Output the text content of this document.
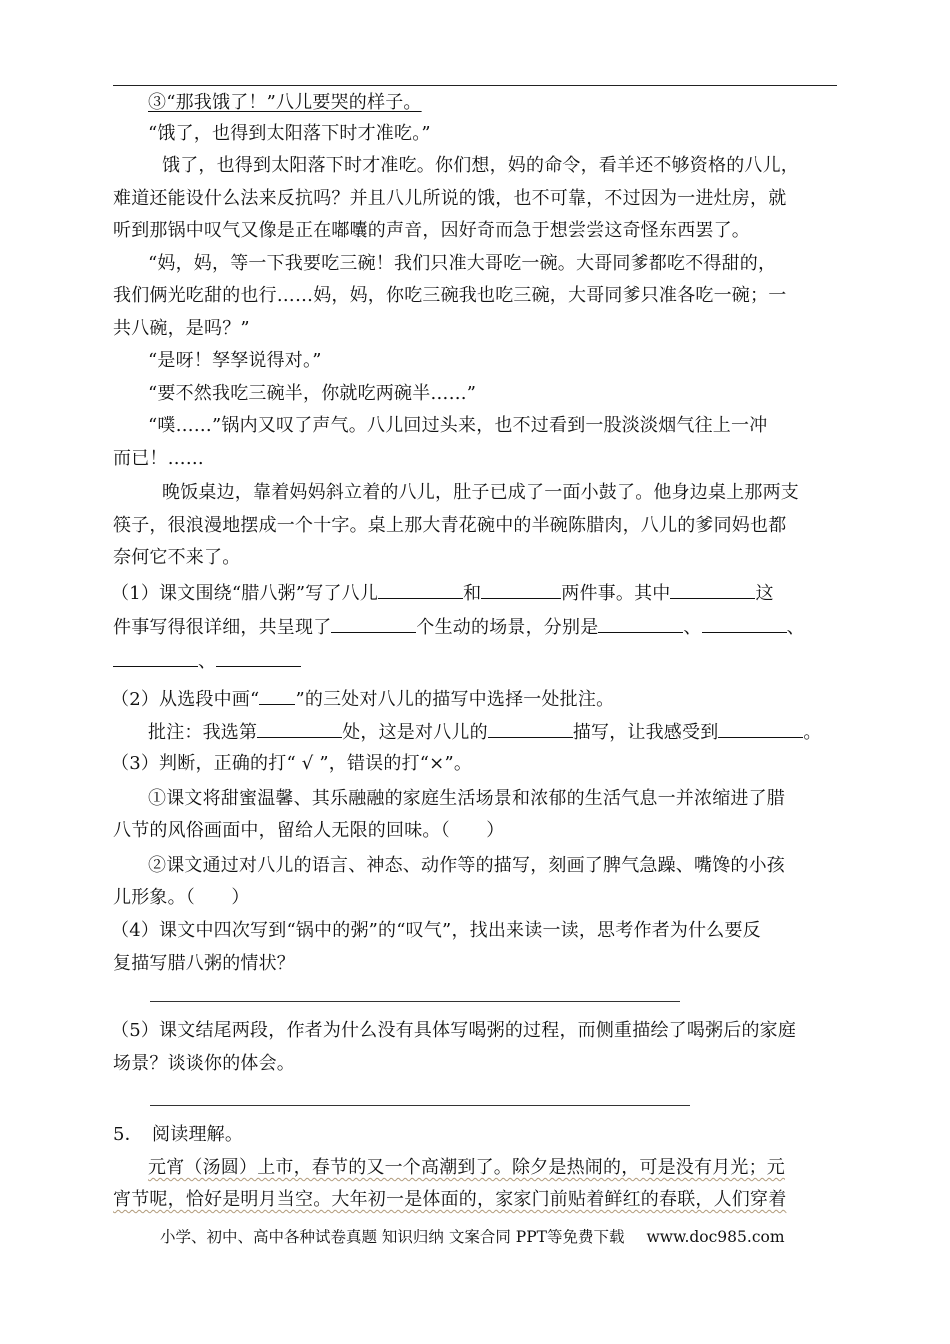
③“那我饿了！”八儿要哭的样子。
“饿了，也得到太阳落下时才准吃。”
饿了，也得到太阳落下时才准吃。你们想，妈的命令，看羊还不够资格的八儿，
难道还能设什么法来反抗吗？并且八儿所说的饿，也不可靠，不过因为一进灶房，就
听到那锅中叹气又像是正在嘟囔的声音，因好奇而急于想尝尝这奇怪东西罢了。
“妈，妈，等一下我要吃三碗！我们只准大哥吃一碗。大哥同爹都吃不得甜的，
我们俩光吃甜的也行……妈，妈，你吃三碗我也吃三碗，大哥同爹只准各吃一碗；一
共八碗，是吗？”
“是呀！孥孥说得对。”
“要不然我吃三碗半，你就吃两碗半……”
“噗……”锅内又叹了声气。八儿回过头来，也不过看到一股淡淡烟气往上一冲
而已！……
晚饭桌边，靠着妈妈斜立着的八儿，肚子已成了一面小鼓了。他身边桌上那两支
筷子，很浪漫地摆成一个十字。桌上那大青花碗中的半碗陈腊肉，八儿的爹同妈也都
奈何它不来了。
（1）课文围绕“腊八粥”写了八儿	和	两件事。其中	这
件事写得很详细，共呈现了	个生动的场景，分别是	、	、
、
（2）从选段中画“ ”的三处对八儿的描写中选择一处批注。
批注：我选第	处，这是对八儿的	描写，让我感受到	。
（3）判断，正确的打“ √ ”，错误的打“×”。
①课文将甜蜜温馨、其乐融融的家庭生活场景和浓郁的生活气息一并浓缩进了腊
八节的风俗画面中，留给人无限的回味。（　　）
②课文通过对八儿的语言、神态、动作等的描写，刻画了脾气急躁、嘴馋的小孩
儿形象。（　　）
（4）课文中四次写到“锅中的粥”的“叹气”，找出来读一读，思考作者为什么要反
复描写腊八粥的情状？
（5）课文结尾两段，作者为什么没有具体写喝粥的过程，而侧重描绘了喝粥后的家庭
场景？谈谈你的体会。
5．　阅读理解。
元宵（汤圆）上市，春节的又一个高潮到了。除夕是热闹的，可是没有月光；元
宵节呢，恰好是明月当空。大年初一是体面的，家家门前贴着鲜红的春联，人们穿着
小学、初中、高中各种试卷真题 知识归纳 文案合同 PPT等免费下载 www.doc985.com
